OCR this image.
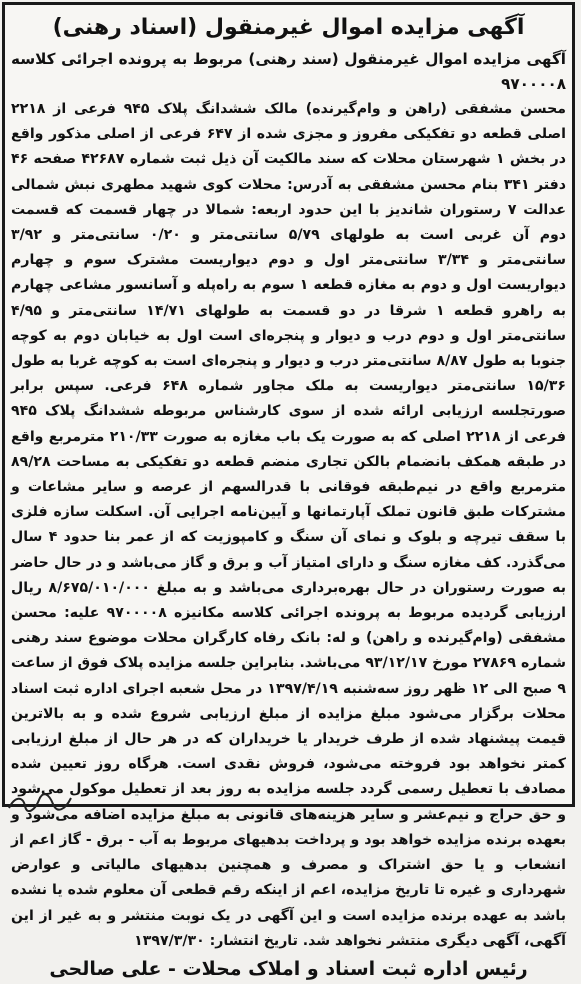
آگهی مزایده اموال غیرمنقول (اسناد رهنی)

آگهی مزایده اموال غیرمنقول (سند رهنی) مربوط به پرونده اجرائی کلاسه ۹۷۰۰۰۰۸

محسن مشفقی (راهن و وام‌گیرنده) مالک ششدانگ پلاک ۹۴۵ فرعی از ۲۲۱۸ اصلی قطعه دو تفکیکی مفروز و مجزی شده از ۶۴۷ فرعی از اصلی مذکور واقع در بخش ۱ شهرستان محلات که سند مالکیت آن ذیل ثبت شماره ۴۲۶۸۷ صفحه ۴۶ دفتر ۳۴۱ بنام محسن مشفقی به آدرس: محلات کوی شهید مطهری نبش شمالی عدالت ۷ رستوران شاندیز با این حدود اربعه: شمالا در چهار قسمت که قسمت دوم آن غربی است به طولهای ۵/۷۹ سانتی‌متر و ۰/۲۰ سانتی‌متر و ۳/۹۲ سانتی‌متر و ۳/۳۴ سانتی‌متر اول و دوم دیواریست مشترک سوم و چهارم دیواریست اول و دوم به مغازه قطعه ۱ سوم به راه‌پله و آسانسور مشاعی چهارم به راهرو قطعه ۱ شرقا در دو قسمت به طولهای ۱۴/۷۱ سانتی‌متر و ۴/۹۵ سانتی‌متر اول و دوم درب و دیوار و پنجره‌ای است اول به خیابان دوم به کوچه جنوبا به طول ۸/۸۷ سانتی‌متر درب و دیوار و پنجره‌ای است به کوچه غربا به طول ۱۵/۳۶ سانتی‌متر دیواریست به ملک مجاور شماره ۶۴۸ فرعی. سپس برابر صورتجلسه ارزیابی ارائه شده از سوی کارشناس مربوطه ششدانگ پلاک ۹۴۵ فرعی از ۲۲۱۸ اصلی که به صورت یک باب مغازه به صورت ۲۱۰/۳۳ مترمربع واقع در طبقه همکف بانضمام بالکن تجاری منضم قطعه دو تفکیکی به مساحت ۸۹/۲۸ مترمربع واقع در نیم‌طبقه فوقانی با قدرالسهم از عرصه و سایر مشاعات و مشترکات طبق قانون تملک آپارتمانها و آیین‌نامه اجرایی آن. اسکلت سازه فلزی با سقف تیرچه و بلوک و نمای آن سنگ و کامپوزیت که از عمر بنا حدود ۴ سال می‌گذرد. کف مغازه سنگ و دارای امتیاز آب و برق و گاز می‌باشد و در حال حاضر به صورت رستوران در حال بهره‌برداری می‌باشد و به مبلغ ۸/۶۷۵/۰۱۰/۰۰۰ ریال ارزیابی گردیده مربوط به پرونده اجرائی کلاسه مکانیزه ۹۷۰۰۰۰۸ علیه: محسن مشفقی (وام‌گیرنده و راهن) و له: بانک رفاه کارگران محلات موضوع سند رهنی شماره ۲۷۸۶۹ مورخ ۹۳/۱۲/۱۷ می‌باشد. بنابراین جلسه مزایده پلاک فوق از ساعت ۹ صبح الی ۱۲ ظهر روز سه‌شنبه ۱۳۹۷/۴/۱۹ در محل شعبه اجرای اداره ثبت اسناد محلات برگزار می‌شود مبلغ مزایده از مبلغ ارزیابی شروع شده و به بالاترین قیمت پیشنهاد شده از طرف خریدار یا خریداران که در هر حال از مبلغ ارزیابی کمتر نخواهد بود فروخته می‌شود، فروش نقدی است. هرگاه روز تعیین شده مصادف با تعطیل رسمی گردد جلسه مزایده به روز بعد از تعطیل موکول می‌شود و حق حراج و نیم‌عشر و سایر هزینه‌های قانونی به مبلغ مزایده اضافه می‌شود و بعهده برنده مزایده خواهد بود و پرداخت بدهیهای مربوط به آب - برق - گاز اعم از انشعاب و یا حق اشتراک و مصرف و همچنین بدهیهای مالیاتی و عوارض شهرداری و غیره تا تاریخ مزایده، اعم از اینکه رقم قطعی آن معلوم شده یا نشده باشد به عهده برنده مزایده است و این آگهی در یک نوبت منتشر و به غیر از این آگهی، آگهی دیگری منتشر نخواهد شد. تاریخ انتشار: ۱۳۹۷/۳/۳۰

رئیس اداره ثبت اسناد و املاک محلات - علی صالحی
